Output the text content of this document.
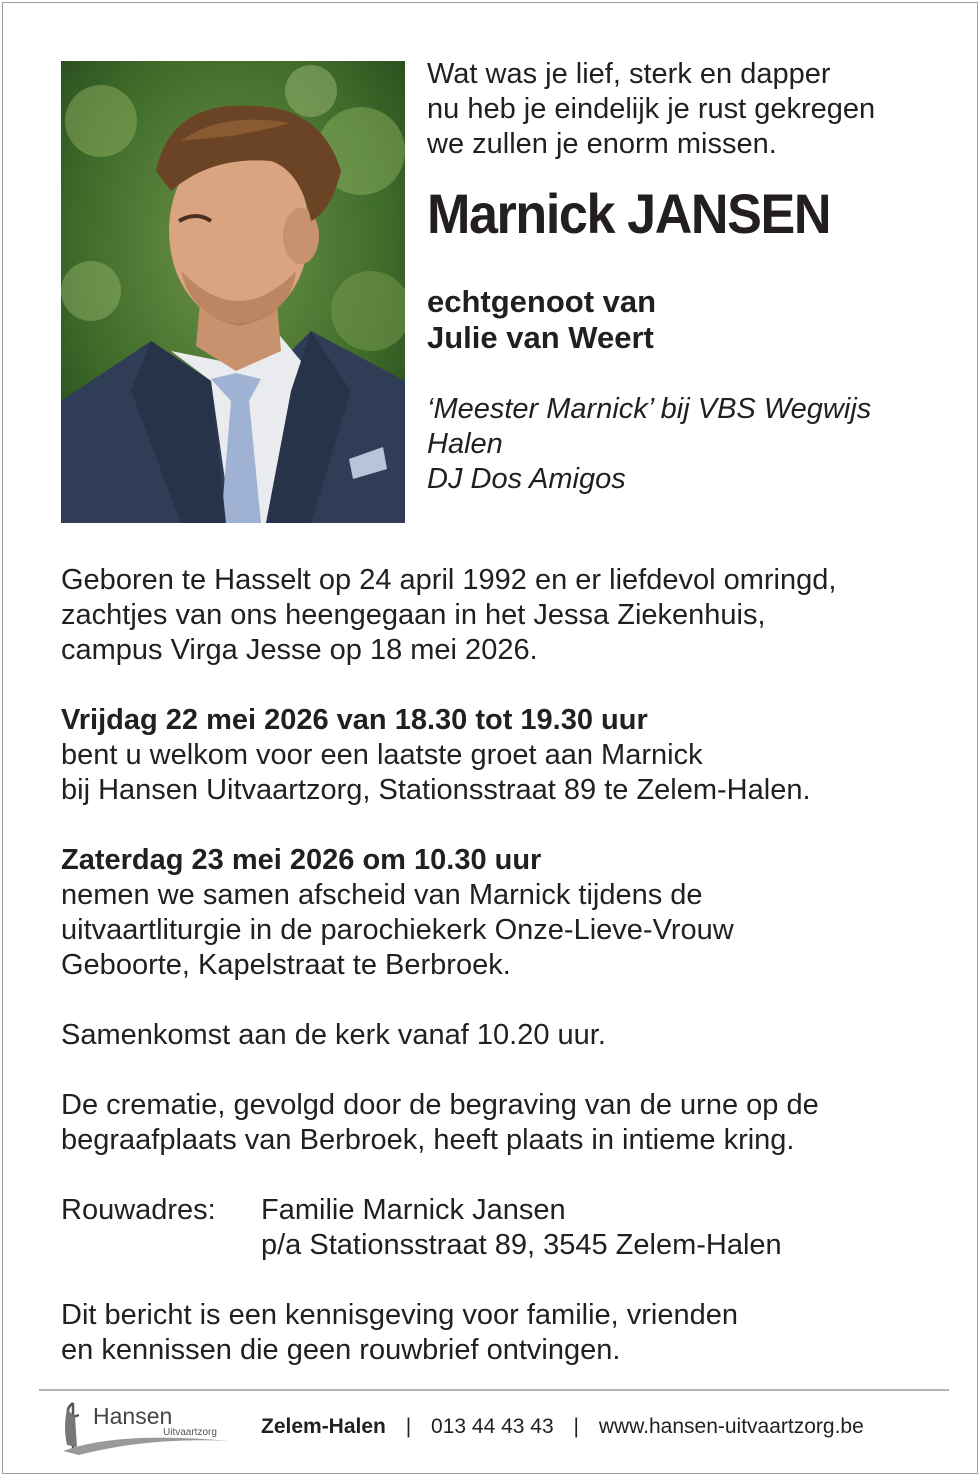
Wat was je lief, sterk en dapper
nu heb je eindelijk je rust gekregen
we zullen je enorm missen.
Marnick JANSEN
echtgenoot van
Julie van Weert
‘Meester Marnick’ bij VBS Wegwijs
Halen
DJ Dos Amigos
Geboren te Hasselt op 24 april 1992 en er liefdevol omringd,
zachtjes van ons heengegaan in het Jessa Ziekenhuis,
campus Virga Jesse op 18 mei 2026.
Vrijdag 22 mei 2026 van 18.30 tot 19.30 uur
bent u welkom voor een laatste groet aan Marnick
bij Hansen Uitvaartzorg, Stationsstraat 89 te Zelem-Halen.
Zaterdag 23 mei 2026 om 10.30 uur
nemen we samen afscheid van Marnick tijdens de
uitvaartliturgie in de parochiekerk Onze-Lieve-Vrouw
Geboorte, Kapelstraat te Berbroek.
Samenkomst aan de kerk vanaf 10.20 uur.
De crematie, gevolgd door de begraving van de urne op de
begraafplaats van Berbroek, heeft plaats in intieme kring.
Rouwadres:	Familie Marnick Jansen
p/a Stationsstraat 89, 3545 Zelem-Halen
Dit bericht is een kennisgeving voor familie, vrienden
en kennissen die geen rouwbrief ontvingen.
Hansen
Uitvaartzorg Zelem-Halen | 013 44 43 43 | www.hansen-uitvaartzorg.be
